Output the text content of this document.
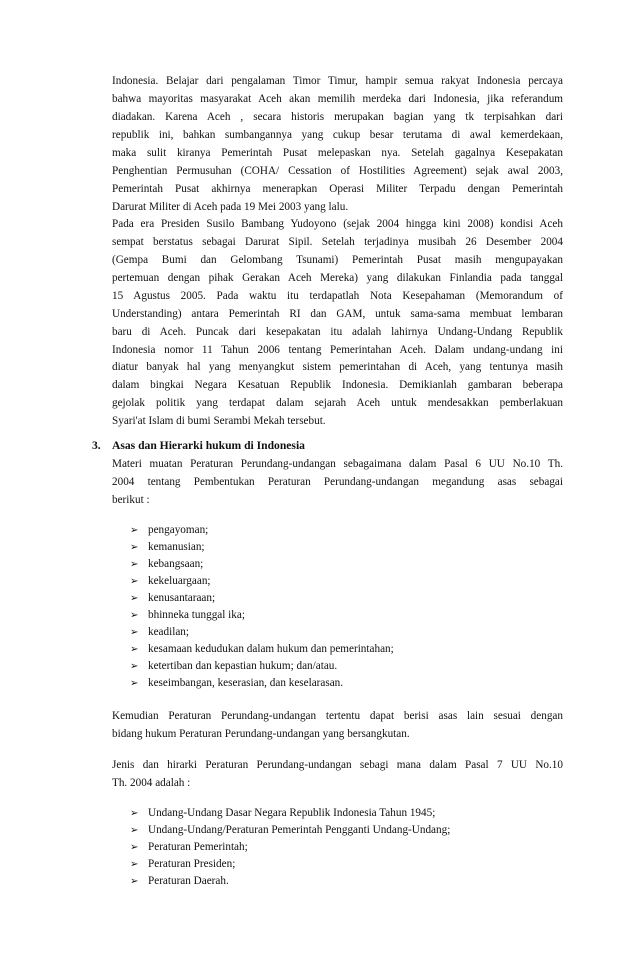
Indonesia. Belajar dari pengalaman Timor Timur, hampir semua rakyat Indonesia percaya
bahwa mayoritas masyarakat Aceh akan memilih merdeka dari Indonesia, jika referandum
diadakan. Karena Aceh , secara historis merupakan bagian yang tk terpisahkan dari
republik ini, bahkan sumbangannya yang cukup besar terutama di awal kemerdekaan,
maka sulit kiranya Pemerintah Pusat melepaskan nya. Setelah gagalnya Kesepakatan
Penghentian Permusuhan (COHA/ Cessation of Hostilities Agreement) sejak awal 2003,
Pemerintah Pusat akhirnya menerapkan Operasi Militer Terpadu dengan Pemerintah
Darurat Militer di Aceh pada 19 Mei 2003 yang lalu.
Pada era Presiden Susilo Bambang Yudoyono (sejak 2004 hingga kini 2008) kondisi Aceh
sempat berstatus sebagai Darurat Sipil. Setelah terjadinya musibah 26 Desember 2004
(Gempa Bumi dan Gelombang Tsunami) Pemerintah Pusat masih mengupayakan
pertemuan dengan pihak Gerakan Aceh Mereka) yang dilakukan Finlandia pada tanggal
15 Agustus 2005. Pada waktu itu terdapatlah Nota Kesepahaman (Memorandum of
Understanding) antara Pemerintah RI dan GAM, untuk sama-sama membuat lembaran
baru di Aceh. Puncak dari kesepakatan itu adalah lahirnya Undang-Undang Republik
Indonesia nomor 11 Tahun 2006 tentang Pemerintahan Aceh. Dalam undang-undang ini
diatur banyak hal yang menyangkut sistem pemerintahan di Aceh, yang tentunya masih
dalam bingkai Negara Kesatuan Republik Indonesia. Demikianlah gambaran beberapa
gejolak politik yang terdapat dalam sejarah Aceh untuk mendesakkan pemberlakuan
Syari'at Islam di bumi Serambi Mekah tersebut.
3. Asas dan Hierarki hukum di Indonesia
Materi muatan Peraturan Perundang-undangan sebagaimana dalam Pasal 6 UU No.10 Th.
2004 tentang Pembentukan Peraturan Perundang-undangan megandung asas sebagai
berikut :
➢ pengayoman;
➢ kemanusian;
➢ kebangsaan;
➢ kekeluargaan;
➢ kenusantaraan;
➢ bhinneka tunggal ika;
➢ keadilan;
➢ kesamaan kedudukan dalam hukum dan pemerintahan;
➢ ketertiban dan kepastian hukum; dan/atau.
➢ keseimbangan, keserasian, dan keselarasan.
Kemudian Peraturan Perundang-undangan tertentu dapat berisi asas lain sesuai dengan
bidang hukum Peraturan Perundang-undangan yang bersangkutan.
Jenis dan hirarki Peraturan Perundang-undangan sebagi mana dalam Pasal 7 UU No.10
Th. 2004 adalah :
➢ Undang-Undang Dasar Negara Republik Indonesia Tahun 1945;
➢ Undang-Undang/Peraturan Pemerintah Pengganti Undang-Undang;
➢ Peraturan Pemerintah;
➢ Peraturan Presiden;
➢ Peraturan Daerah.
